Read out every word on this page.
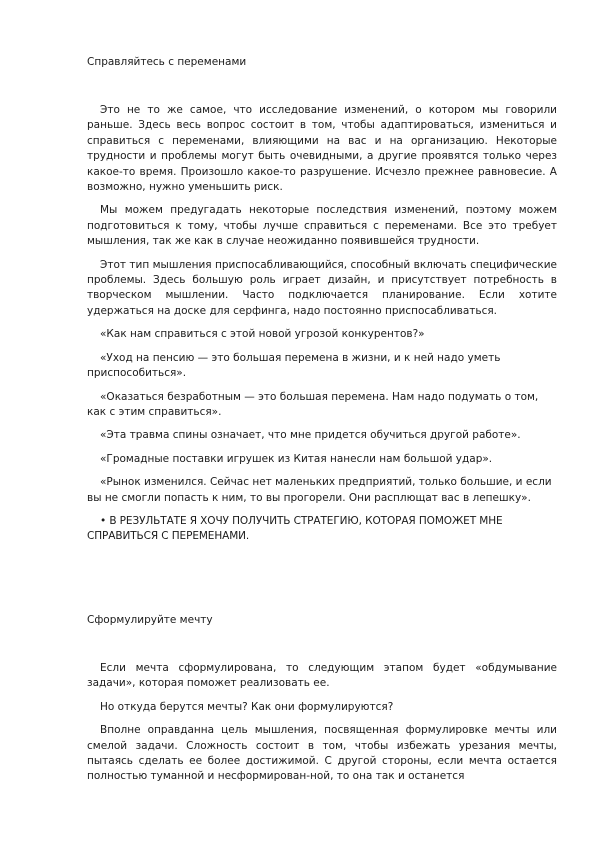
Справляйтесь с переменами

Это не то же самое, что исследование изменений, о котором мы говорили раньше. Здесь весь вопрос состоит в том, чтобы адаптироваться, измениться и справиться с переменами, влияющими на вас и на организацию. Некоторые трудности и проблемы могут быть очевидными, а другие проявятся только через какое-то время. Произошло какое-то разрушение. Исчезло прежнее равновесие. А возможно, нужно уменьшить риск.

Мы можем предугадать некоторые последствия изменений, поэтому можем подготовиться к тому, чтобы лучше справиться с переменами. Все это требует мышления, так же как в случае неожиданно появившейся трудности.

Этот тип мышления приспосабливающийся, способный включать специфические проблемы. Здесь большую роль играет дизайн, и присутствует потребность в творческом мышлении. Часто подключается планирование. Если хотите удержаться на доске для серфинга, надо постоянно приспосабливаться.

«Как нам справиться с этой новой угрозой конкурентов?»

«Уход на пенсию — это большая перемена в жизни, и к ней надо уметь приспособиться».

«Оказаться безработным — это большая перемена. Нам надо подумать о том, как с этим справиться».

«Эта травма спины означает, что мне придется обучиться другой работе».

«Громадные поставки игрушек из Китая нанесли нам большой удар».

«Рынок изменился. Сейчас нет маленьких предприятий, только большие, и если вы не смогли попасть к ним, то вы прогорели. Они расплющат вас в лепешку».

• В РЕЗУЛЬТАТЕ Я ХОЧУ ПОЛУЧИТЬ СТРАТЕГИЮ, КОТОРАЯ ПОМОЖЕТ МНЕ СПРАВИТЬСЯ С ПЕРЕМЕНАМИ.

Сформулируйте мечту

Если мечта сформулирована, то следующим этапом будет «обдумывание задачи», которая поможет реализовать ее.

Но откуда берутся мечты? Как они формулируются?

Вполне оправданна цель мышления, посвященная формулировке мечты или смелой задачи. Сложность состоит в том, чтобы избежать урезания мечты, пытаясь сделать ее более достижимой. С другой стороны, если мечта остается полностью туманной и несформирован-ной, то она так и останется
